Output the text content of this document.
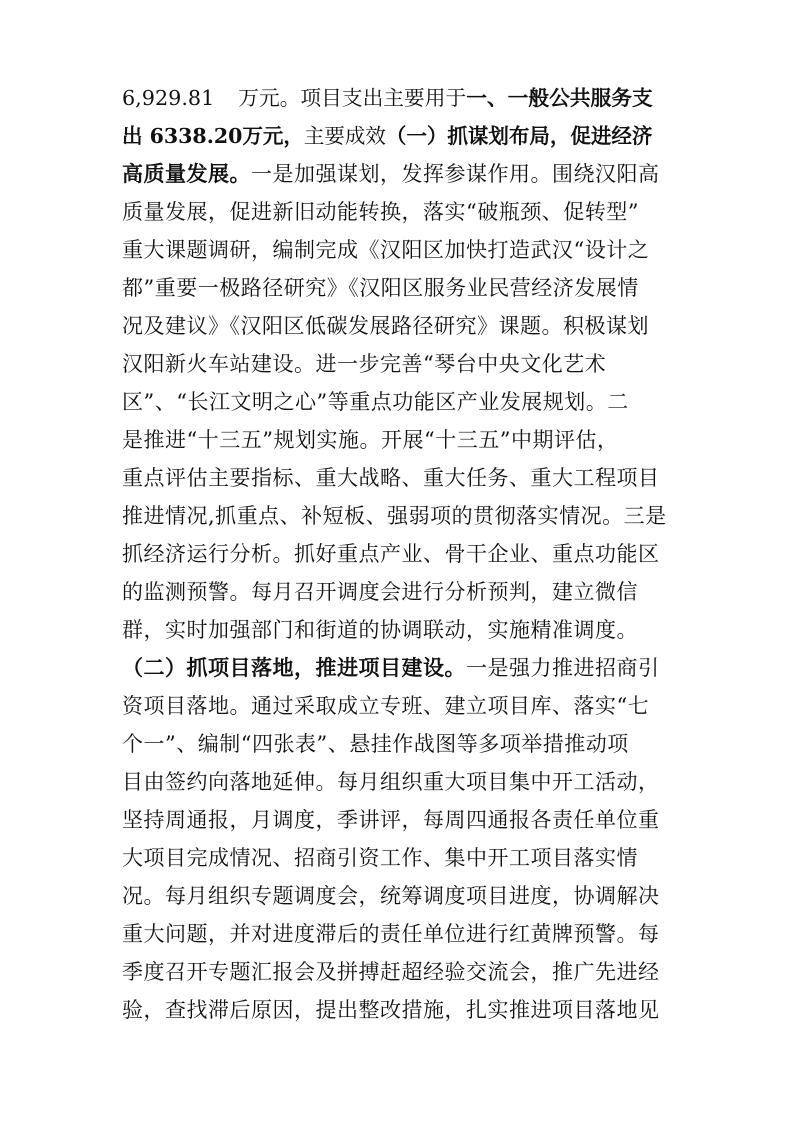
6,929.81 万元。项目支出主要用于一、一般公共服务支
出 6338.20万元，主要成效（一）抓谋划布局，促进经济
高质量发展。一是加强谋划，发挥参谋作用。围绕汉阳高
质量发展，促进新旧动能转换，落实“破瓶颈、促转型”
重大课题调研，编制完成《汉阳区加快打造武汉“设计之
都”重要一极路径研究》《汉阳区服务业民营经济发展情
况及建议》《汉阳区低碳发展路径研究》课题。积极谋划
汉阳新火车站建设。进一步完善“琴台中央文化艺术
区”、“长江文明之心”等重点功能区产业发展规划。二
是推进“十三五”规划实施。开展“十三五”中期评估，
重点评估主要指标、重大战略、重大任务、重大工程项目
推进情况,抓重点、补短板、强弱项的贯彻落实情况。三是
抓经济运行分析。抓好重点产业、骨干企业、重点功能区
的监测预警。每月召开调度会进行分析预判，建立微信
群，实时加强部门和街道的协调联动，实施精准调度。
（二）抓项目落地，推进项目建设。一是强力推进招商引
资项目落地。通过采取成立专班、建立项目库、落实“七
个一”、编制“四张表”、悬挂作战图等多项举措推动项
目由签约向落地延伸。每月组织重大项目集中开工活动，
坚持周通报，月调度，季讲评，每周四通报各责任单位重
大项目完成情况、招商引资工作、集中开工项目落实情
况。每月组织专题调度会，统筹调度项目进度，协调解决
重大问题，并对进度滞后的责任单位进行红黄牌预警。每
季度召开专题汇报会及拼搏赶超经验交流会，推广先进经
验，查找滞后原因，提出整改措施，扎实推进项目落地见
